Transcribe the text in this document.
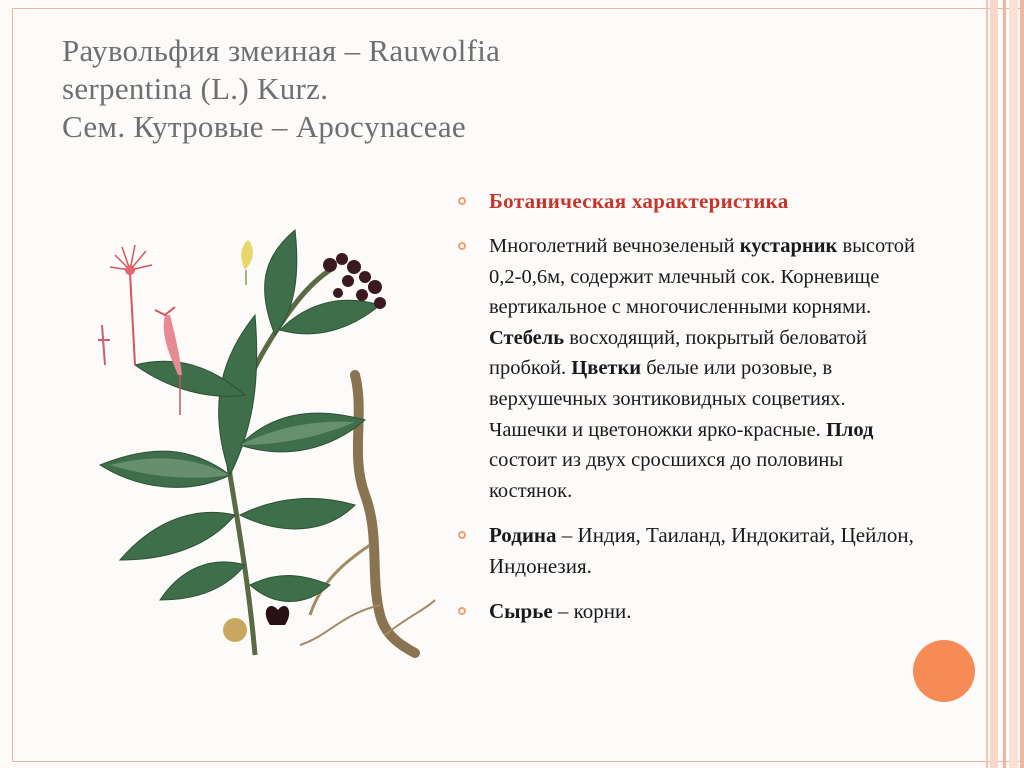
Раувольфия змеиная – Rauwolfia
serpentina (L.) Kurz.
Сем. Кутровые – Apocynaceae
Ботаническая характеристика
Многолетний вечнозеленый кустарник высотой 0,2-0,6м, содержит млечный сок. Корневище вертикальное с многочисленными корнями. Стебель восходящий, покрытый беловатой пробкой. Цветки белые или розовые, в верхушечных зонтиковидных соцветиях. Чашечки и цветоножки ярко-красные. Плод состоит из двух сросшихся до половины костянок.
Родина – Индия, Таиланд, Индокитай, Цейлон, Индонезия.
Сырье – корни.
